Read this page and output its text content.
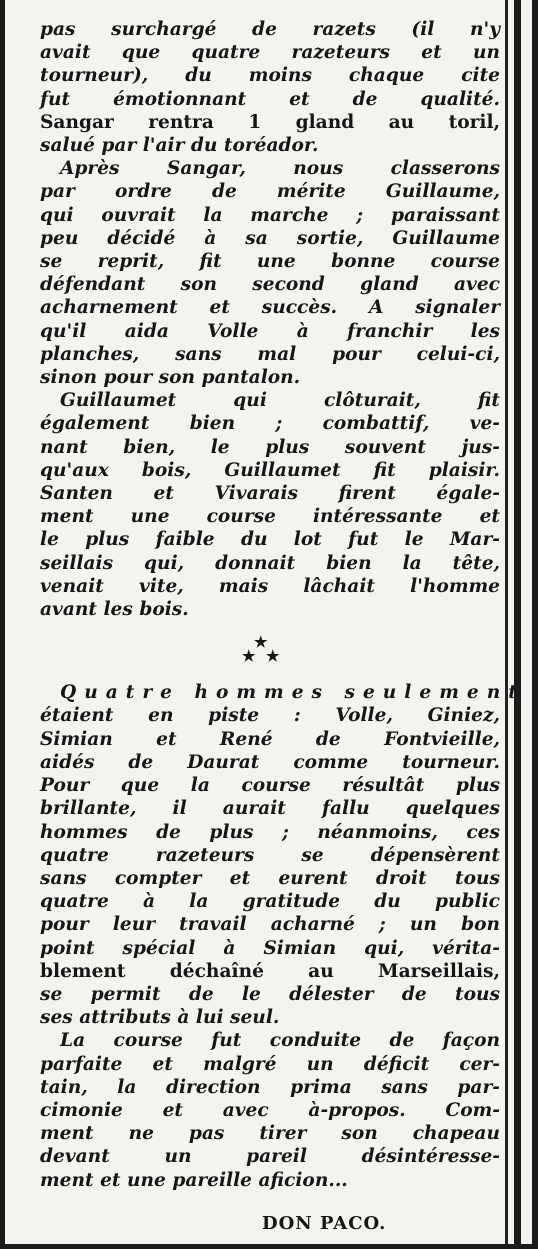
pas surchargé de razets (il n'y
avait que quatre razeteurs et un
tourneur), du moins chaque cite
fut émotionnant et de qualité.
Sangar rentra 1 gland au toril,
salué par l'air du toréador.
Après Sangar, nous classerons
par ordre de mérite Guillaume,
qui ouvrait la marche ; paraissant
peu décidé à sa sortie, Guillaume
se reprit, fit une bonne course
défendant son second gland avec
acharnement et succès. A signaler
qu'il aida Volle à franchir les
planches, sans mal pour celui-ci,
sinon pour son pantalon.
Guillaumet qui clôturait, fit
également bien ; combattif, ve-
nant bien, le plus souvent jus-
qu'aux bois, Guillaumet fit plaisir.
Santen et Vivarais firent égale-
ment une course intéressante et
le plus faible du lot fut le Mar-
seillais qui, donnait bien la tête,
venait vite, mais lâchait l'homme
avant les bois.
★
★ ★
Quatre hommes seulement
étaient en piste : Volle, Giniez,
Simian et René de Fontvieille,
aidés de Daurat comme tourneur.
Pour que la course résultât plus
brillante, il aurait fallu quelques
hommes de plus ; néanmoins, ces
quatre razeteurs se dépensèrent
sans compter et eurent droit tous
quatre à la gratitude du public
pour leur travail acharné ; un bon
point spécial à Simian qui, vérita-
blement déchaîné au Marseillais,
se permit de le délester de tous
ses attributs à lui seul.
La course fut conduite de façon
parfaite et malgré un déficit cer-
tain, la direction prima sans par-
cimonie et avec à-propos. Com-
ment ne pas tirer son chapeau
devant un pareil désintéresse-
ment et une pareille aficion...
DON PACO.
